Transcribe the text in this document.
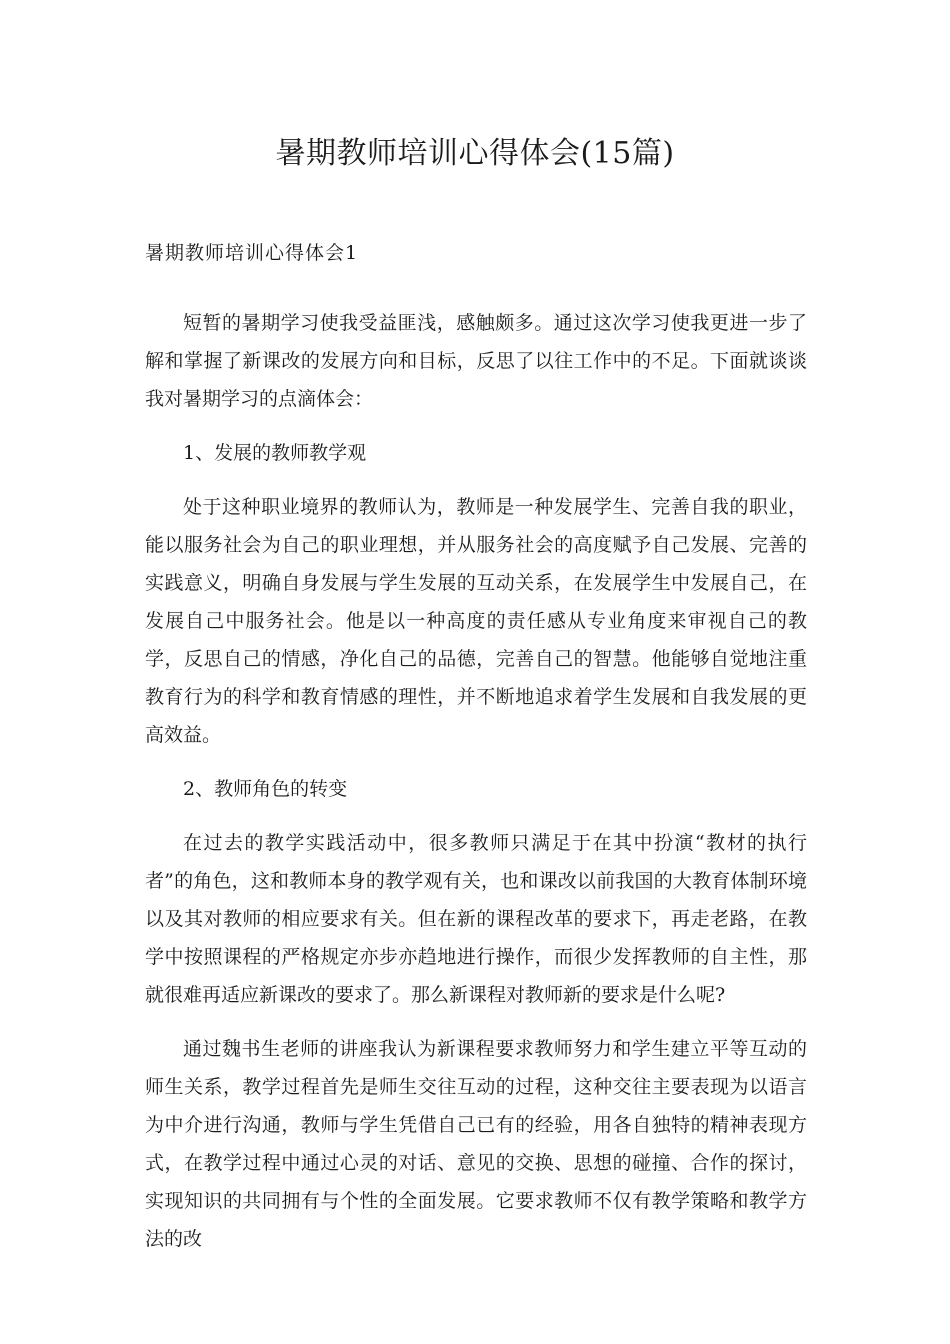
暑期教师培训心得体会(15篇)
暑期教师培训心得体会1

短暂的暑期学习使我受益匪浅，感触颇多。通过这次学习使我更进一步了解和掌握了新课改的发展方向和目标，反思了以往工作中的不足。下面就谈谈我对暑期学习的点滴体会：

1、发展的教师教学观

处于这种职业境界的教师认为，教师是一种发展学生、完善自我的职业，能以服务社会为自己的职业理想，并从服务社会的高度赋予自己发展、完善的实践意义，明确自身发展与学生发展的互动关系，在发展学生中发展自己，在发展自己中服务社会。他是以一种高度的责任感从专业角度来审视自己的教学，反思自己的情感，净化自己的品德，完善自己的智慧。他能够自觉地注重教育行为的科学和教育情感的理性，并不断地追求着学生发展和自我发展的更高效益。

2、教师角色的转变

在过去的教学实践活动中，很多教师只满足于在其中扮演“教材的执行者”的角色，这和教师本身的教学观有关，也和课改以前我国的大教育体制环境以及其对教师的相应要求有关。但在新的课程改革的要求下，再走老路，在教学中按照课程的严格规定亦步亦趋地进行操作，而很少发挥教师的自主性，那就很难再适应新课改的要求了。那么新课程对教师新的要求是什么呢?

通过魏书生老师的讲座我认为新课程要求教师努力和学生建立平等互动的师生关系，教学过程首先是师生交往互动的过程，这种交往主要表现为以语言为中介进行沟通，教师与学生凭借自己已有的经验，用各自独特的精神表现方式，在教学过程中通过心灵的对话、意见的交换、思想的碰撞、合作的探讨，实现知识的共同拥有与个性的全面发展。它要求教师不仅有教学策略和教学方法的改
